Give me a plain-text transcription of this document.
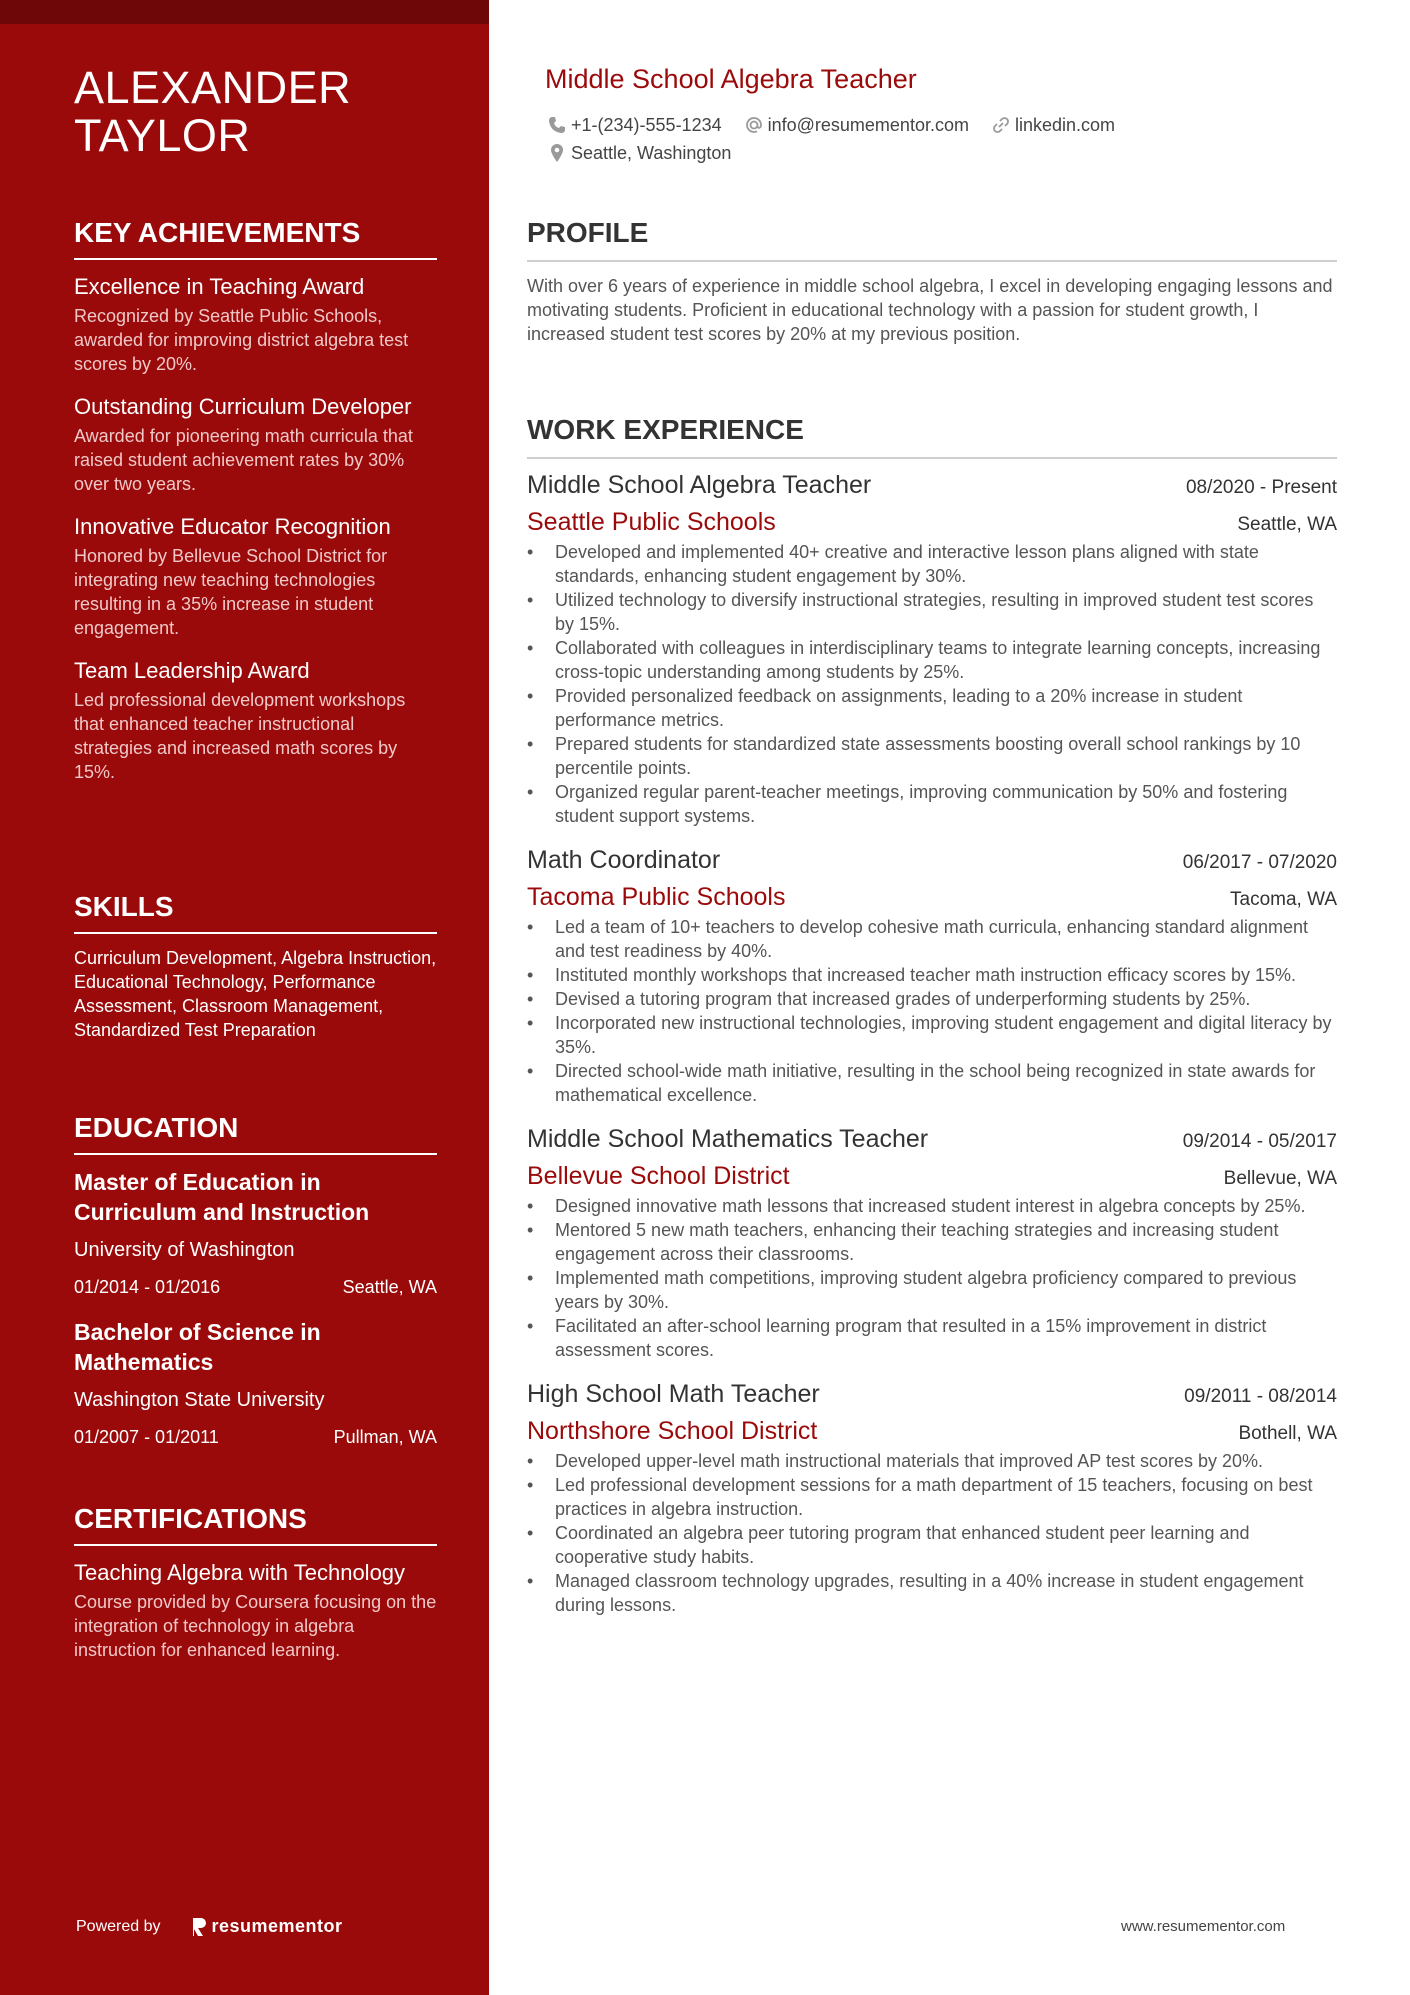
ALEXANDER
TAYLOR
KEY ACHIEVEMENTS
Excellence in Teaching Award
Recognized by Seattle Public Schools, awarded for improving district algebra test scores by 20%.
Outstanding Curriculum Developer
Awarded for pioneering math curricula that raised student achievement rates by 30% over two years.
Innovative Educator Recognition
Honored by Bellevue School District for integrating new teaching technologies resulting in a 35% increase in student engagement.
Team Leadership Award
Led professional development workshops that enhanced teacher instructional strategies and increased math scores by 15%.
SKILLS
Curriculum Development, Algebra Instruction, Educational Technology, Performance Assessment, Classroom Management, Standardized Test Preparation
EDUCATION
Master of Education in Curriculum and Instruction
University of Washington
01/2014 - 01/2016	Seattle, WA
Bachelor of Science in Mathematics
Washington State University
01/2007 - 01/2011	Pullman, WA
CERTIFICATIONS
Teaching Algebra with Technology
Course provided by Coursera focusing on the integration of technology in algebra instruction for enhanced learning.
Powered by	resumementor
Middle School Algebra Teacher
+1-(234)-555-1234	info@resumementor.com	linkedin.com
Seattle, Washington
PROFILE

With over 6 years of experience in middle school algebra, I excel in developing engaging lessons and motivating students. Proficient in educational technology with a passion for student growth, I increased student test scores by 20% at my previous position.

WORK EXPERIENCE
Middle School Algebra Teacher	08/2020 - Present
Seattle Public Schools	Seattle, WA
• Developed and implemented 40+ creative and interactive lesson plans aligned with state standards, enhancing student engagement by 30%.
• Utilized technology to diversify instructional strategies, resulting in improved student test scores by 15%.
• Collaborated with colleagues in interdisciplinary teams to integrate learning concepts, increasing cross-topic understanding among students by 25%.
• Provided personalized feedback on assignments, leading to a 20% increase in student performance metrics.
• Prepared students for standardized state assessments boosting overall school rankings by 10 percentile points.
• Organized regular parent-teacher meetings, improving communication by 50% and fostering student support systems.
Math Coordinator	06/2017 - 07/2020
Tacoma Public Schools	Tacoma, WA
• Led a team of 10+ teachers to develop cohesive math curricula, enhancing standard alignment and test readiness by 40%.
• Instituted monthly workshops that increased teacher math instruction efficacy scores by 15%.
• Devised a tutoring program that increased grades of underperforming students by 25%.
• Incorporated new instructional technologies, improving student engagement and digital literacy by 35%.
• Directed school-wide math initiative, resulting in the school being recognized in state awards for mathematical excellence.
Middle School Mathematics Teacher	09/2014 - 05/2017
Bellevue School District	Bellevue, WA
• Designed innovative math lessons that increased student interest in algebra concepts by 25%.
• Mentored 5 new math teachers, enhancing their teaching strategies and increasing student engagement across their classrooms.
• Implemented math competitions, improving student algebra proficiency compared to previous years by 30%.
• Facilitated an after-school learning program that resulted in a 15% improvement in district assessment scores.
High School Math Teacher	09/2011 - 08/2014
Northshore School District	Bothell, WA
• Developed upper-level math instructional materials that improved AP test scores by 20%.
• Led professional development sessions for a math department of 15 teachers, focusing on best practices in algebra instruction.
• Coordinated an algebra peer tutoring program that enhanced student peer learning and cooperative study habits.
• Managed classroom technology upgrades, resulting in a 40% increase in student engagement during lessons.
www.resumementor.com
